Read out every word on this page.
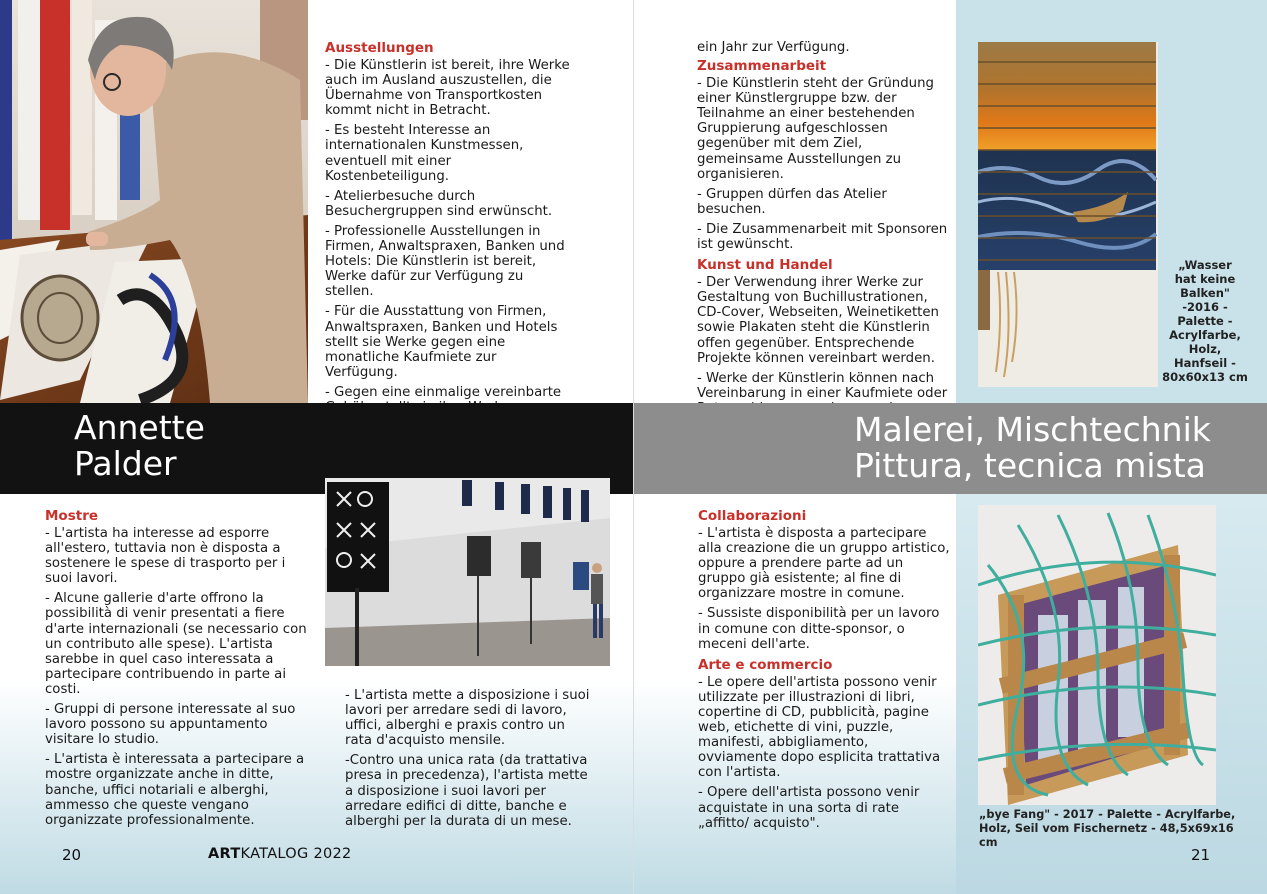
Ausstellungen

- Die Künstlerin ist bereit, ihre Werke auch im Ausland auszustellen, die Übernahme von Transportkosten kommt nicht in Betracht.

- Es besteht Interesse an internationalen Kunstmessen, eventuell mit einer Kostenbeteiligung.

- Atelierbesuche durch Besuchergruppen sind erwünscht.

- Professionelle Ausstellungen in Firmen, Anwaltspraxen, Banken und Hotels: Die Künstlerin ist bereit, Werke dafür zur Verfügung zu stellen.

- Für die Ausstattung von Firmen, Anwaltspraxen, Banken und Hotels stellt sie Werke gegen eine monatliche Kaufmiete zur Verfügung.

- Gegen eine einmalige vereinbarte

ein Jahr zur Verfügung.

Zusammenarbeit

- Die Künstlerin steht der Gründung einer Künstlergruppe bzw. der Teilnahme an einer bestehenden Gruppierung aufgeschlossen gegenüber mit dem Ziel, gemeinsame Ausstellungen zu organisieren.

- Gruppen dürfen das Atelier besuchen.

- Die Zusammenarbeit mit Sponsoren ist gewünscht.

Kunst und Handel

- Der Verwendung ihrer Werke zur Gestaltung von Buchillustrationen, CD-Cover, Webseiten, Weinetiketten sowie Plakaten steht die Künstlerin offen gegenüber. Entsprechende Projekte können vereinbart werden.

- Werke der Künstlerin können nach Vereinbarung in einer Kaufmiete oder

„Wasser
hat keine
Balken"
-2016 -
Palette -
Acrylfarbe,
Holz,
Hanfseil -
80x60x13 cm
Annette
Palder
Malerei, Mischtechnik
Pittura, tecnica mista
Mostre

- L'artista ha interesse ad esporre all'estero, tuttavia non è disposta a sostenere le spese di trasporto per i suoi lavori.

- Alcune gallerie d'arte offrono la possibilità di venir presentati a fiere d'arte internazionali (se necessario con un contributo alle spese). L'artista sarebbe in quel caso interessata a partecipare contribuendo in parte ai costi.

- Gruppi di persone interessate al suo lavoro possono su appuntamento visitare lo studio.

- L'artista è interessata a partecipare a mostre organizzate anche in ditte, banche, uffici notariali e alberghi, ammesso che queste vengano organizzate professionalmente.

- L'artista mette a disposizione i suoi lavori per arredare sedi di lavoro, uffici, alberghi e praxis contro un rata d'acquisto mensile.

-Contro una unica rata (da trattativa presa in precedenza), l'artista mette a disposizione i suoi lavori per arredare edifici di ditte, banche e alberghi per la durata di un mese.

Collaborazioni

- L'artista è disposta a partecipare alla creazione die un gruppo artistico, oppure a prendere parte ad un gruppo già esistente; al fine di organizzare mostre in comune.

- Sussiste disponibilità per un lavoro in comune con ditte-sponsor, o meceni dell'arte.

Arte e commercio

- Le opere dell'artista possono venir utilizzate per illustrazioni di libri, copertine di CD, pubblicità, pagine web, etichette di vini, puzzle, manifesti, abbigliamento, ovviamente dopo esplicita trattativa con l'artista.

- Opere dell'artista possono venir acquistate in una sorta di rate „affitto/ acquisto".

„bye Fang" - 2017 - Palette - Acrylfarbe,
Holz, Seil vom Fischernetz - 48,5x69x16 cm
20	ARTKATALOG 2022	21
